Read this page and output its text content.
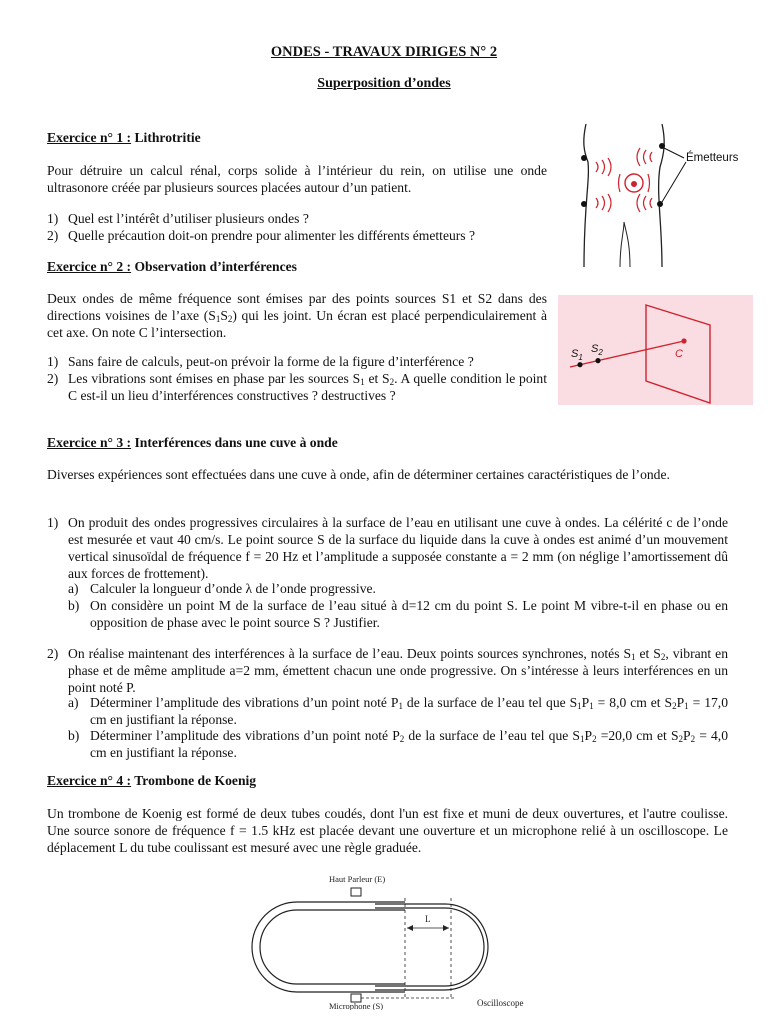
ONDES - TRAVAUX DIRIGES N° 2
Superposition d’ondes
Exercice n° 1 : Lithrotritie

Pour détruire un calcul rénal, corps solide à l’intérieur du rein, on utilise une onde ultrasonore créée par plusieurs sources placées autour d’un patient.

1) Quel est l’intérêt d’utiliser plusieurs ondes ?
2) Quelle précaution doit-on prendre pour alimenter les différents émetteurs ?
Émetteurs
Exercice n° 2 : Observation d’interférences

Deux ondes de même fréquence sont émises par des points sources S1 et S2 dans des directions voisines de l’axe $(S_1S_2)$ qui les joint. Un écran est placé perpendiculairement à cet axe. On note C l’intersection.

1) Sans faire de calculs, peut-on prévoir la forme de la figure d’interférence ?
2) Les vibrations sont émises en phase par les sources $S_1$ et $S_2$. A quelle condition le point C est-il un lieu d’interférences constructives ? destructives ?
$S_1$
$S_2$	C
Exercice n° 3 : Interférences dans une cuve à onde

Diverses expériences sont effectuées dans une cuve à onde, afin de déterminer certaines caractéristiques de l’onde.

1) On produit des ondes progressives circulaires à la surface de l’eau en utilisant une cuve à ondes. La célérité c de l’onde est mesurée et vaut 40 cm/s. Le point source S de la surface du liquide dans la cuve à ondes est animé d’un mouvement vertical sinusoïdal de fréquence f = 20 Hz et l’amplitude a supposée constante a = 2 mm (on néglige l’amortissement dû aux forces de frottement).
a) Calculer la longueur d’onde λ de l’onde progressive.
b) On considère un point M de la surface de l’eau situé à d=12 cm du point S. Le point M vibre-t-il en phase ou en opposition de phase avec le point source S ? Justifier.
2) On réalise maintenant des interférences à la surface de l’eau. Deux points sources synchrones, notés $S_1$ et $S_2$, vibrant en phase et de même amplitude a=2 mm, émettent chacun une onde progressive. On s’intéresse à leurs interférences en un point noté P.
a) Déterminer l’amplitude des vibrations d’un point noté $P_1$ de la surface de l’eau tel que $S_1P_1 = 8,0$ cm et $S_2P_1 = 17,0$ cm en justifiant la réponse.
b) Déterminer l’amplitude des vibrations d’un point noté $P_2$ de la surface de l’eau tel que $S_1P_2 =20,0$ cm et $S_2P_2 = 4,0$ cm en justifiant la réponse.
Exercice n° 4 : Trombone de Koenig

Un trombone de Koenig est formé de deux tubes coudés, dont l'un est fixe et muni de deux ouvertures, et l'autre coulisse. Une source sonore de fréquence f = 1.5 kHz est placée devant une ouverture et un microphone relié à un oscilloscope. Le déplacement L du tube coulissant est mesuré avec une règle graduée.

Haut Parleur (E)
L
Microphone (S)	Oscilloscope
